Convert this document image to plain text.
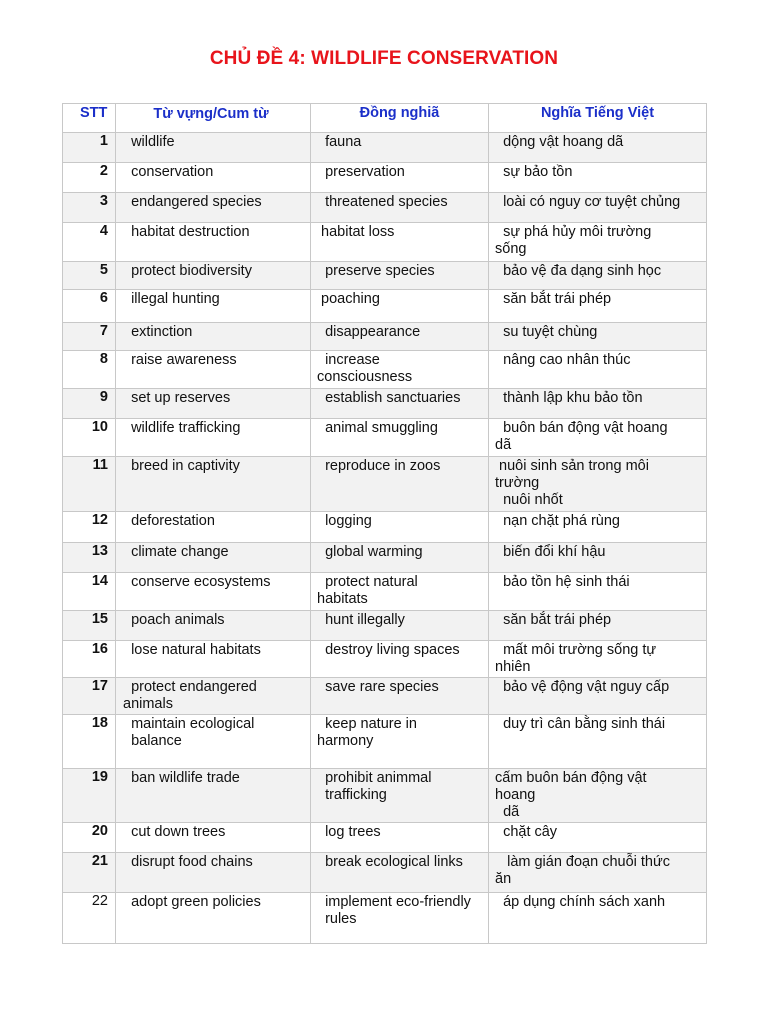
CHỦ ĐỀ 4: WILDLIFE CONSERVATION
STT	Từ vựng/Cum từ	Đồng nghiã	Nghĩa Tiếng Việt

1	wildlife	fauna	dộng vật hoang dã

2	conservation	preservation	sự bảo tồn

3	endangered species	threatened species	loài có nguy cơ tuyệt chủng

4	habitat destruction	habitat loss	sự phá hủy môi trường
sống

5	protect biodiversity	preserve species	bảo vệ đa dạng sinh học

6	illegal hunting	poaching	săn bắt trái phép

7	extinction	disappearance	su tuyệt chùng

8	raise awareness	increase
consciousness	nâng cao nhân thúc

9	set up reserves	establish sanctuaries	thành lập khu bảo tồn

10	wildlife trafficking	animal smuggling	buôn bán động vật hoang
dã

11	breed in captivity	reproduce in zoos	nuôi sinh sản trong môi
trường
nuôi nhốt

12	deforestation	logging	nạn chặt phá rùng

13	climate change	global warming	biến đổi khí hậu

14	conserve ecosystems	protect natural
habitats	bảo tồn hệ sinh thái

15	poach animals	hunt illegally	săn bắt trái phép

16	lose natural habitats	destroy living spaces	mất môi trường sống tự
nhiên

17	protect endangered
animals	save rare species	bảo vệ động vật nguy cấp

18	maintain ecological
balance	keep nature in
harmony	duy trì cân bằng sinh thái

19	ban wildlife trade	prohibit animmal
trafficking	cấm buôn bán động vật
hoang
dã

20	cut down trees	log trees	chặt cây

21	disrupt food chains	break ecological links	làm gián đoạn chuỗi thức
ăn

22	adopt green policies	implement eco-friendly
rules	áp dụng chính sách xanh
